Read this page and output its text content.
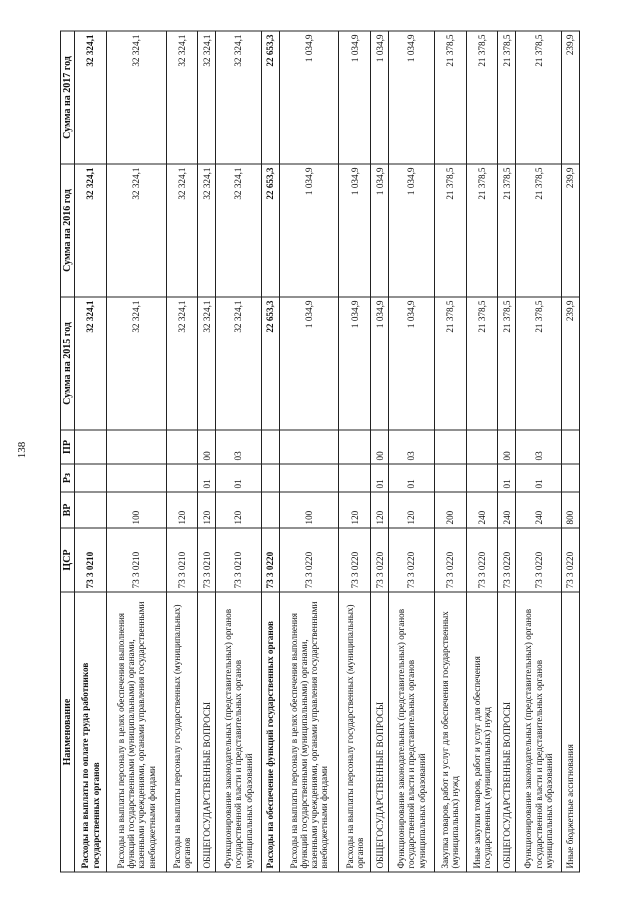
138
Наименование	ЦСР	ВР	Рз	ПР	Сумма на 2015 год	Сумма на 2016 год	Сумма на 2017 год
Расходы на выплаты по оплате труда работников государственных органов	73 3 0210				32 324,1	32 324,1	32 324,1
Расходы на выплаты персоналу в целях обеспечения выполнения функций государственными (муниципальными) органами, казенными учреждениями, органами управления государственными внебюджетными фондами	73 3 0210	100			32 324,1	32 324,1	32 324,1
Расходы на выплаты персоналу государственных (муниципальных) органов	73 3 0210	120			32 324,1	32 324,1	32 324,1
ОБЩЕГОСУДАРСТВЕННЫЕ ВОПРОСЫ	73 3 0210	120	01	00	32 324,1	32 324,1	32 324,1
Функционирование законодательных (представительных) органов государственной власти и представительных органов муниципальных образований	73 3 0210	120	01	03	32 324,1	32 324,1	32 324,1
Расходы на обеспечение функций государственных органов	73 3 0220				22 653,3	22 653,3	22 653,3
Расходы на выплаты персоналу в целях обеспечения выполнения функций государственными (муниципальными) органами, казенными учреждениями, органами управления государственными внебюджетными фондами	73 3 0220	100			1 034,9	1 034,9	1 034,9
Расходы на выплаты персоналу государственных (муниципальных) органов	73 3 0220	120			1 034,9	1 034,9	1 034,9
ОБЩЕГОСУДАРСТВЕННЫЕ ВОПРОСЫ	73 3 0220	120	01	00	1 034,9	1 034,9	1 034,9
Функционирование законодательных (представительных) органов государственной власти и представительных органов муниципальных образований	73 3 0220	120	01	03	1 034,9	1 034,9	1 034,9
Закупка товаров, работ и услуг для обеспечения государственных (муниципальных) нужд	73 3 0220	200			21 378,5	21 378,5	21 378,5
Иные закупки товаров, работ и услуг для обеспечения государственных (муниципальных) нужд	73 3 0220	240			21 378,5	21 378,5	21 378,5
ОБЩЕГОСУДАРСТВЕННЫЕ ВОПРОСЫ	73 3 0220	240	01	00	21 378,5	21 378,5	21 378,5
Функционирование законодательных (представительных) органов государственной власти и представительных органов муниципальных образований	73 3 0220	240	01	03	21 378,5	21 378,5	21 378,5
Иные бюджетные ассигнования	73 3 0220	800			239,9	239,9	239,9
